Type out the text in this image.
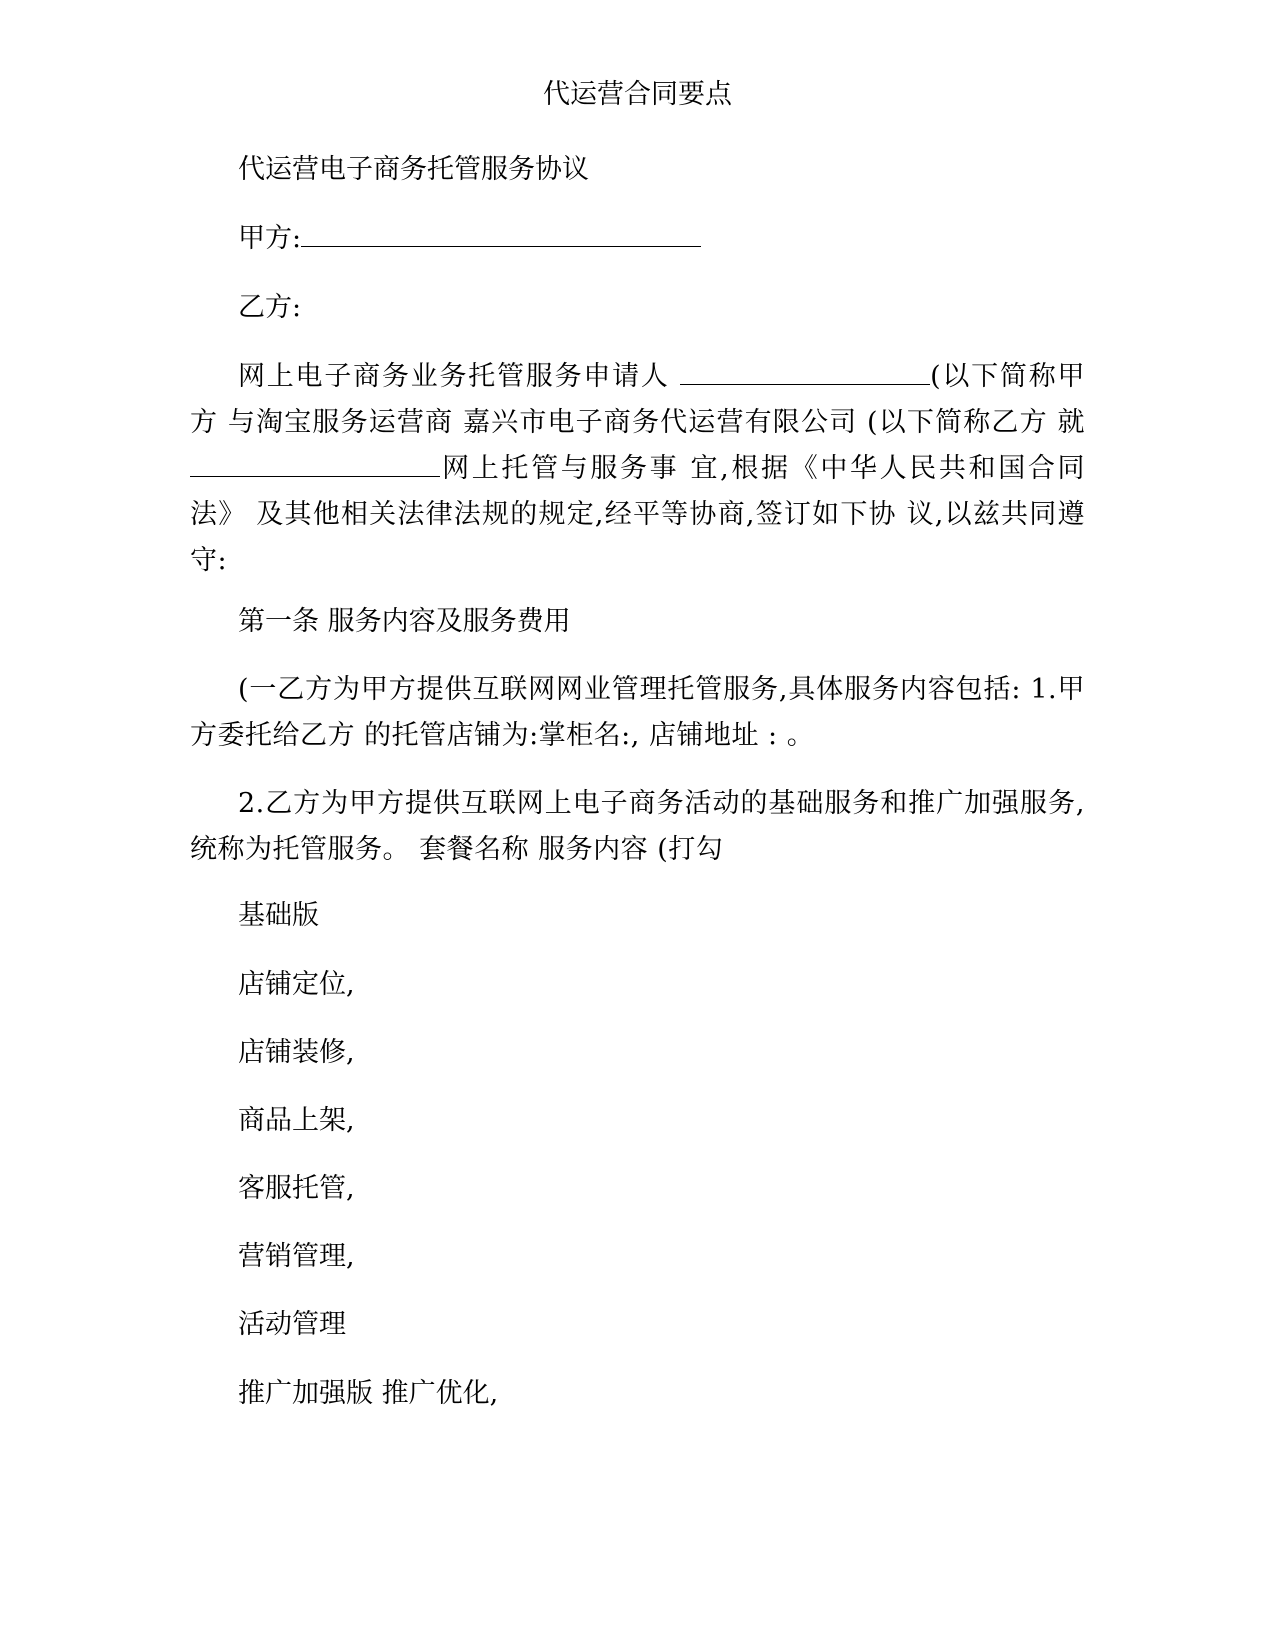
代运营合同要点
代运营电子商务托管服务协议
甲方:
乙方:
网上电子商务业务托管服务申请人	(以下简称甲方 与淘宝服务运营商 嘉兴市电子商务代运营有限公司 (以下简称乙方 就 网上托管与服务事 宜,根据《中华人民共和国合同法》 及其他相关法律法规的规定,经平等协商,签订如下协 议,以兹共同遵守:
第一条 服务内容及服务费用
(一乙方为甲方提供互联网网业管理托管服务,具体服务内容包括: 1.甲方委托给乙方 的托管店铺为:掌柜名:, 店铺地址 : 。
2.乙方为甲方提供互联网上电子商务活动的基础服务和推广加强服务,统称为托管服务。 套餐名称 服务内容 (打勾
基础版
店铺定位,
店铺装修,
商品上架,
客服托管,
营销管理,
活动管理
推广加强版 推广优化,
